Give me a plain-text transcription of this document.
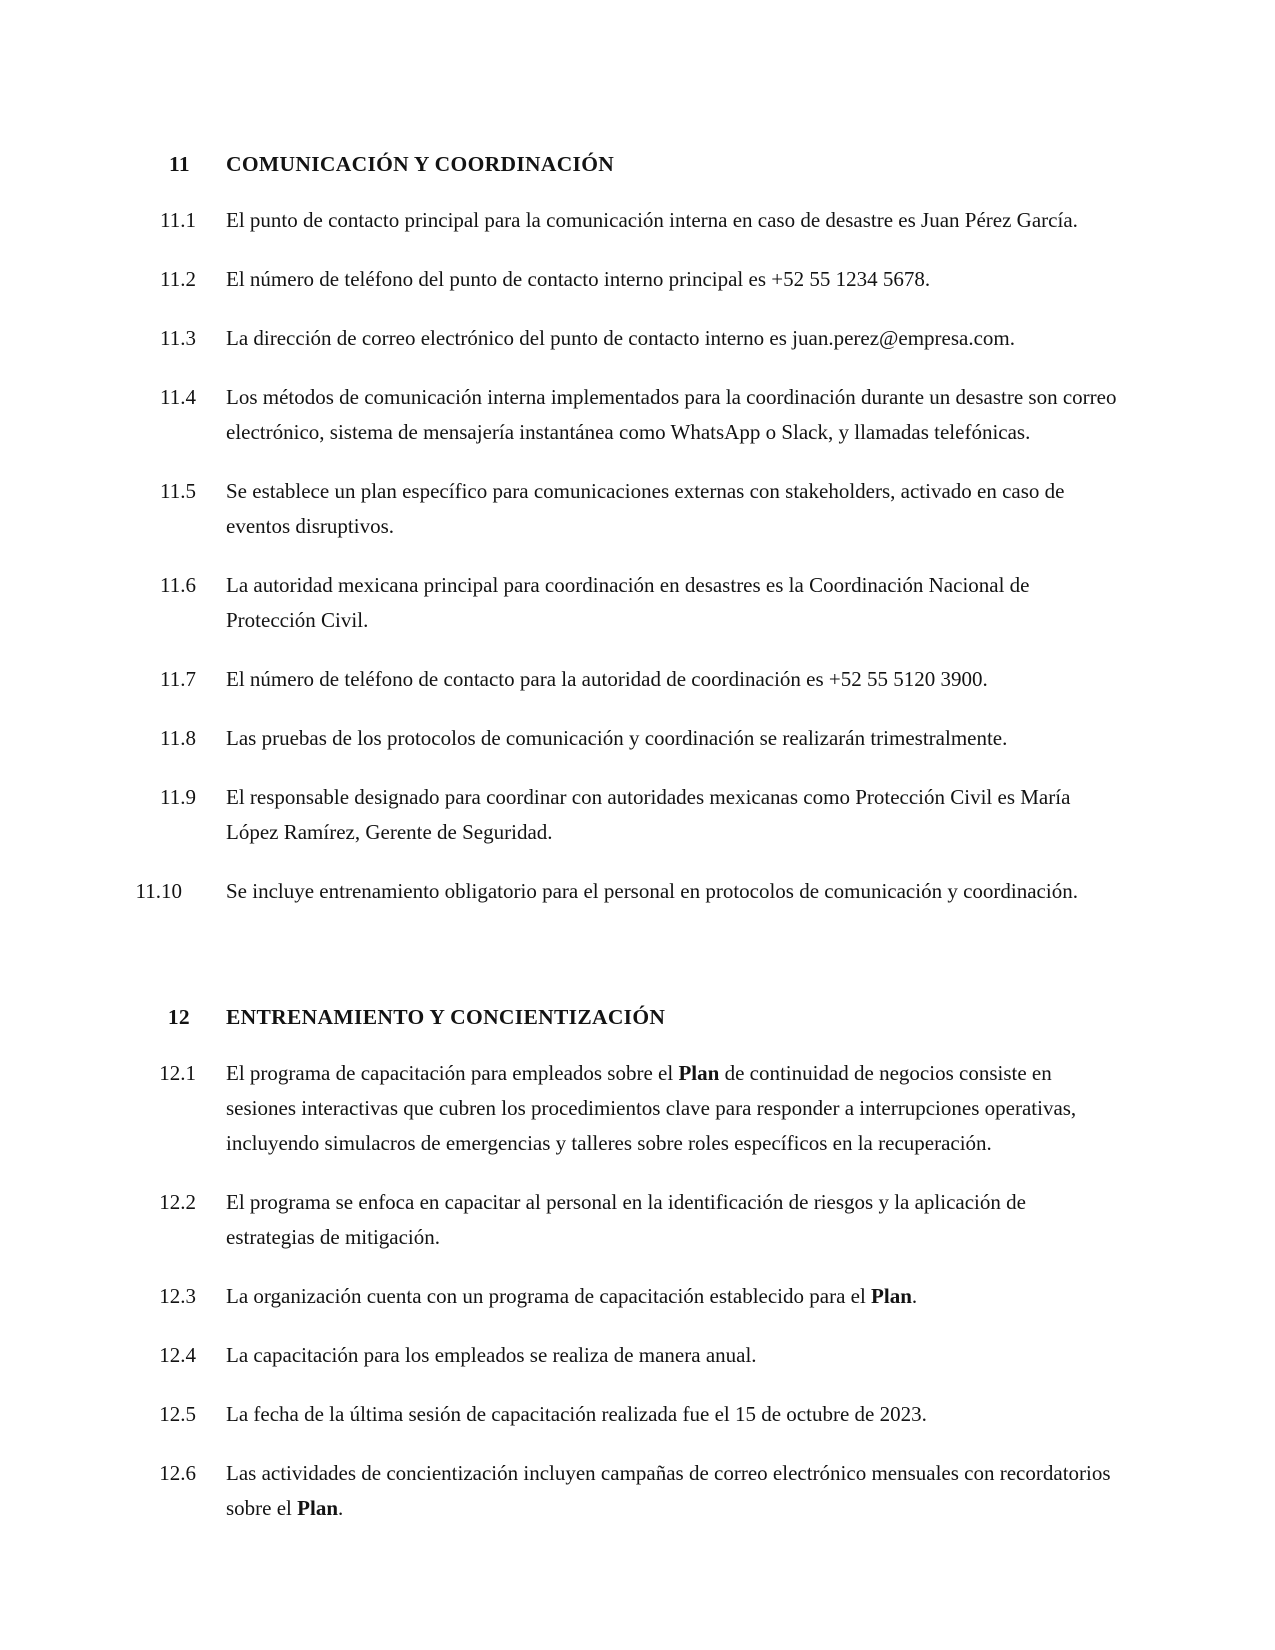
11 COMUNICACIÓN Y COORDINACIÓN
11.1 El punto de contacto principal para la comunicación interna en caso de desastre es Juan Pérez García.
11.2 El número de teléfono del punto de contacto interno principal es +52 55 1234 5678.
11.3 La dirección de correo electrónico del punto de contacto interno es juan.perez@empresa.com.
11.4 Los métodos de comunicación interna implementados para la coordinación durante un desastre son correo electrónico, sistema de mensajería instantánea como WhatsApp o Slack, y llamadas telefónicas.
11.5 Se establece un plan específico para comunicaciones externas con stakeholders, activado en caso de eventos disruptivos.
11.6 La autoridad mexicana principal para coordinación en desastres es la Coordinación Nacional de Protección Civil.
11.7 El número de teléfono de contacto para la autoridad de coordinación es +52 55 5120 3900.
11.8 Las pruebas de los protocolos de comunicación y coordinación se realizarán trimestralmente.
11.9 El responsable designado para coordinar con autoridades mexicanas como Protección Civil es María López Ramírez, Gerente de Seguridad.
11.10	Se incluye entrenamiento obligatorio para el personal en protocolos de comunicación y coordinación.
12 ENTRENAMIENTO Y CONCIENTIZACIÓN
12.1 El programa de capacitación para empleados sobre el Plan de continuidad de negocios consiste en sesiones interactivas que cubren los procedimientos clave para responder a interrupciones operativas, incluyendo simulacros de emergencias y talleres sobre roles específicos en la recuperación.
12.2 El programa se enfoca en capacitar al personal en la identificación de riesgos y la aplicación de estrategias de mitigación.
12.3 La organización cuenta con un programa de capacitación establecido para el Plan.
12.4 La capacitación para los empleados se realiza de manera anual.
12.5 La fecha de la última sesión de capacitación realizada fue el 15 de octubre de 2023.
12.6 Las actividades de concientización incluyen campañas de correo electrónico mensuales con recordatorios sobre el Plan.
